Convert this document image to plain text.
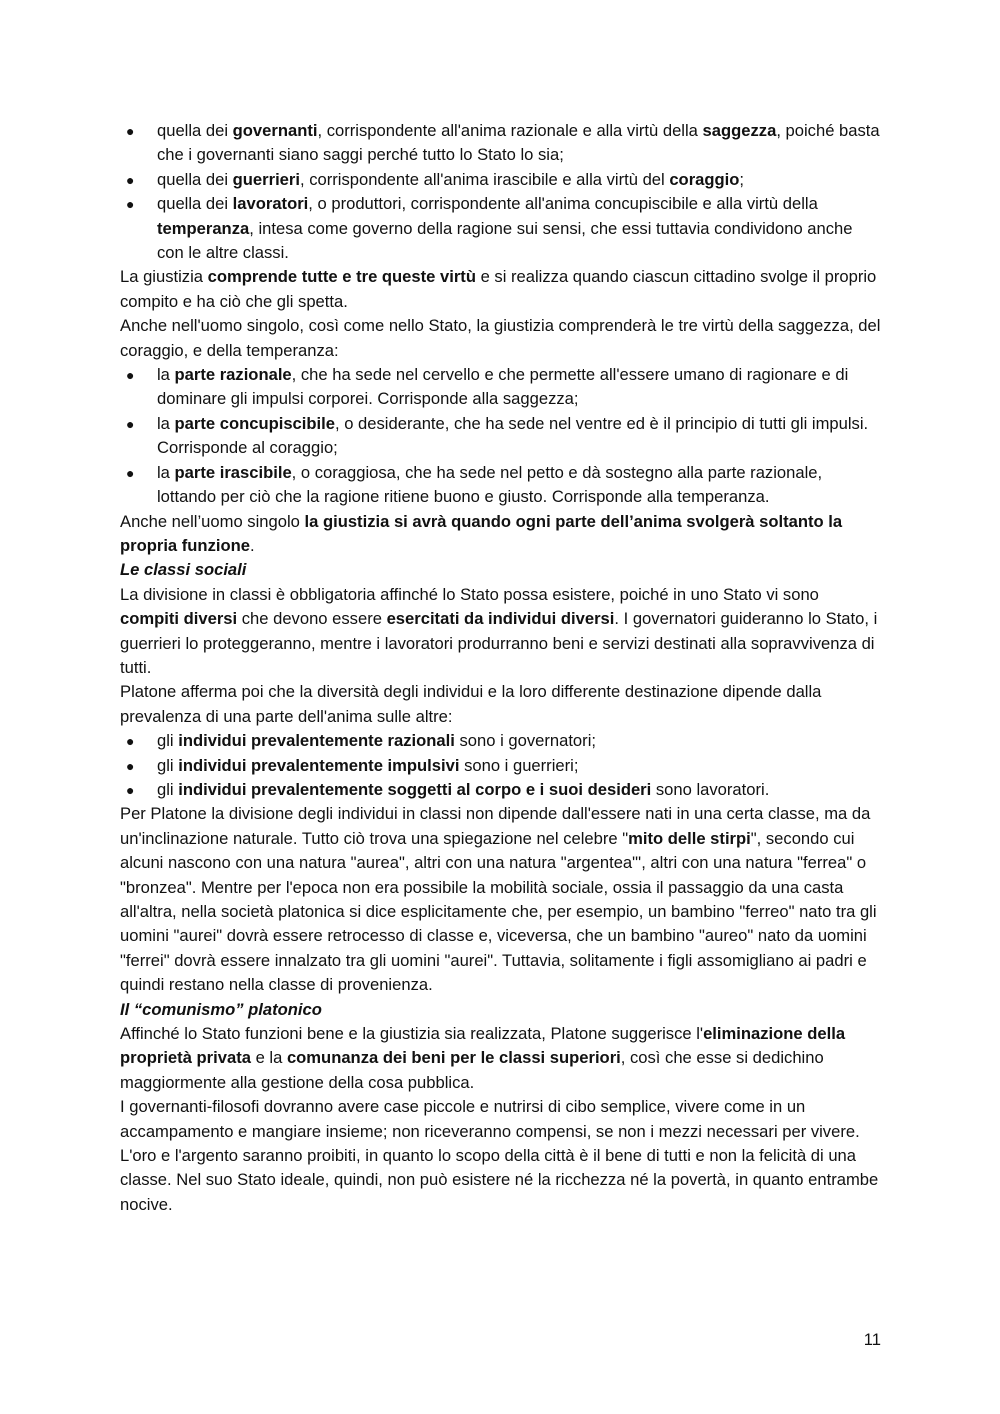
● quella dei governanti, corrispondente all'anima razionale e alla virtù della saggezza, poiché basta che i governanti siano saggi perché tutto lo Stato lo sia;
● quella dei guerrieri, corrispondente all'anima irascibile e alla virtù del coraggio;
● quella dei lavoratori, o produttori, corrispondente all'anima concupiscibile e alla virtù della temperanza, intesa come governo della ragione sui sensi, che essi tuttavia condividono anche con le altre classi.

La giustizia comprende tutte e tre queste virtù e si realizza quando ciascun cittadino svolge il proprio compito e ha ciò che gli spetta.

Anche nell'uomo singolo, così come nello Stato, la giustizia comprenderà le tre virtù della saggezza, del coraggio, e della temperanza:

● la parte razionale, che ha sede nel cervello e che permette all'essere umano di ragionare e di dominare gli impulsi corporei. Corrisponde alla saggezza;
● la parte concupiscibile, o desiderante, che ha sede nel ventre ed è il principio di tutti gli impulsi. Corrisponde al coraggio;
● la parte irascibile, o coraggiosa, che ha sede nel petto e dà sostegno alla parte razionale, lottando per ciò che la ragione ritiene buono e giusto. Corrisponde alla temperanza.

Anche nell’uomo singolo la giustizia si avrà quando ogni parte dell’anima svolgerà soltanto la propria funzione.

Le classi sociali

La divisione in classi è obbligatoria affinché lo Stato possa esistere, poiché in uno Stato vi sono compiti diversi che devono essere esercitati da individui diversi. I governatori guideranno lo Stato, i guerrieri lo proteggeranno, mentre i lavoratori produrranno beni e servizi destinati alla sopravvivenza di tutti.

Platone afferma poi che la diversità degli individui e la loro differente destinazione dipende dalla prevalenza di una parte dell'anima sulle altre:

● gli individui prevalentemente razionali sono i governatori;
● gli individui prevalentemente impulsivi sono i guerrieri;
● gli individui prevalentemente soggetti al corpo e i suoi desideri sono lavoratori.

Per Platone la divisione degli individui in classi non dipende dall'essere nati in una certa classe, ma da un'inclinazione naturale. Tutto ciò trova una spiegazione nel celebre "mito delle stirpi", secondo cui alcuni nascono con una natura "aurea", altri con una natura "argentea"', altri con una natura "ferrea" o "bronzea". Mentre per l'epoca non era possibile la mobilità sociale, ossia il passaggio da una casta all'altra, nella società platonica si dice esplicitamente che, per esempio, un bambino "ferreo" nato tra gli uomini "aurei" dovrà essere retrocesso di classe e, viceversa, che un bambino "aureo" nato da uomini "ferrei" dovrà essere innalzato tra gli uomini "aurei". Tuttavia, solitamente i figli assomigliano ai padri e quindi restano nella classe di provenienza.

Il “comunismo” platonico

Affinché lo Stato funzioni bene e la giustizia sia realizzata, Platone suggerisce l'eliminazione della proprietà privata e la comunanza dei beni per le classi superiori, così che esse si dedichino maggiormente alla gestione della cosa pubblica.

I governanti-filosofi dovranno avere case piccole e nutrirsi di cibo semplice, vivere come in un accampamento e mangiare insieme; non riceveranno compensi, se non i mezzi necessari per vivere. L'oro e l'argento saranno proibiti, in quanto lo scopo della città è il bene di tutti e non la felicità di una classe. Nel suo Stato ideale, quindi, non può esistere né la ricchezza né la povertà, in quanto entrambe nocive.

11
